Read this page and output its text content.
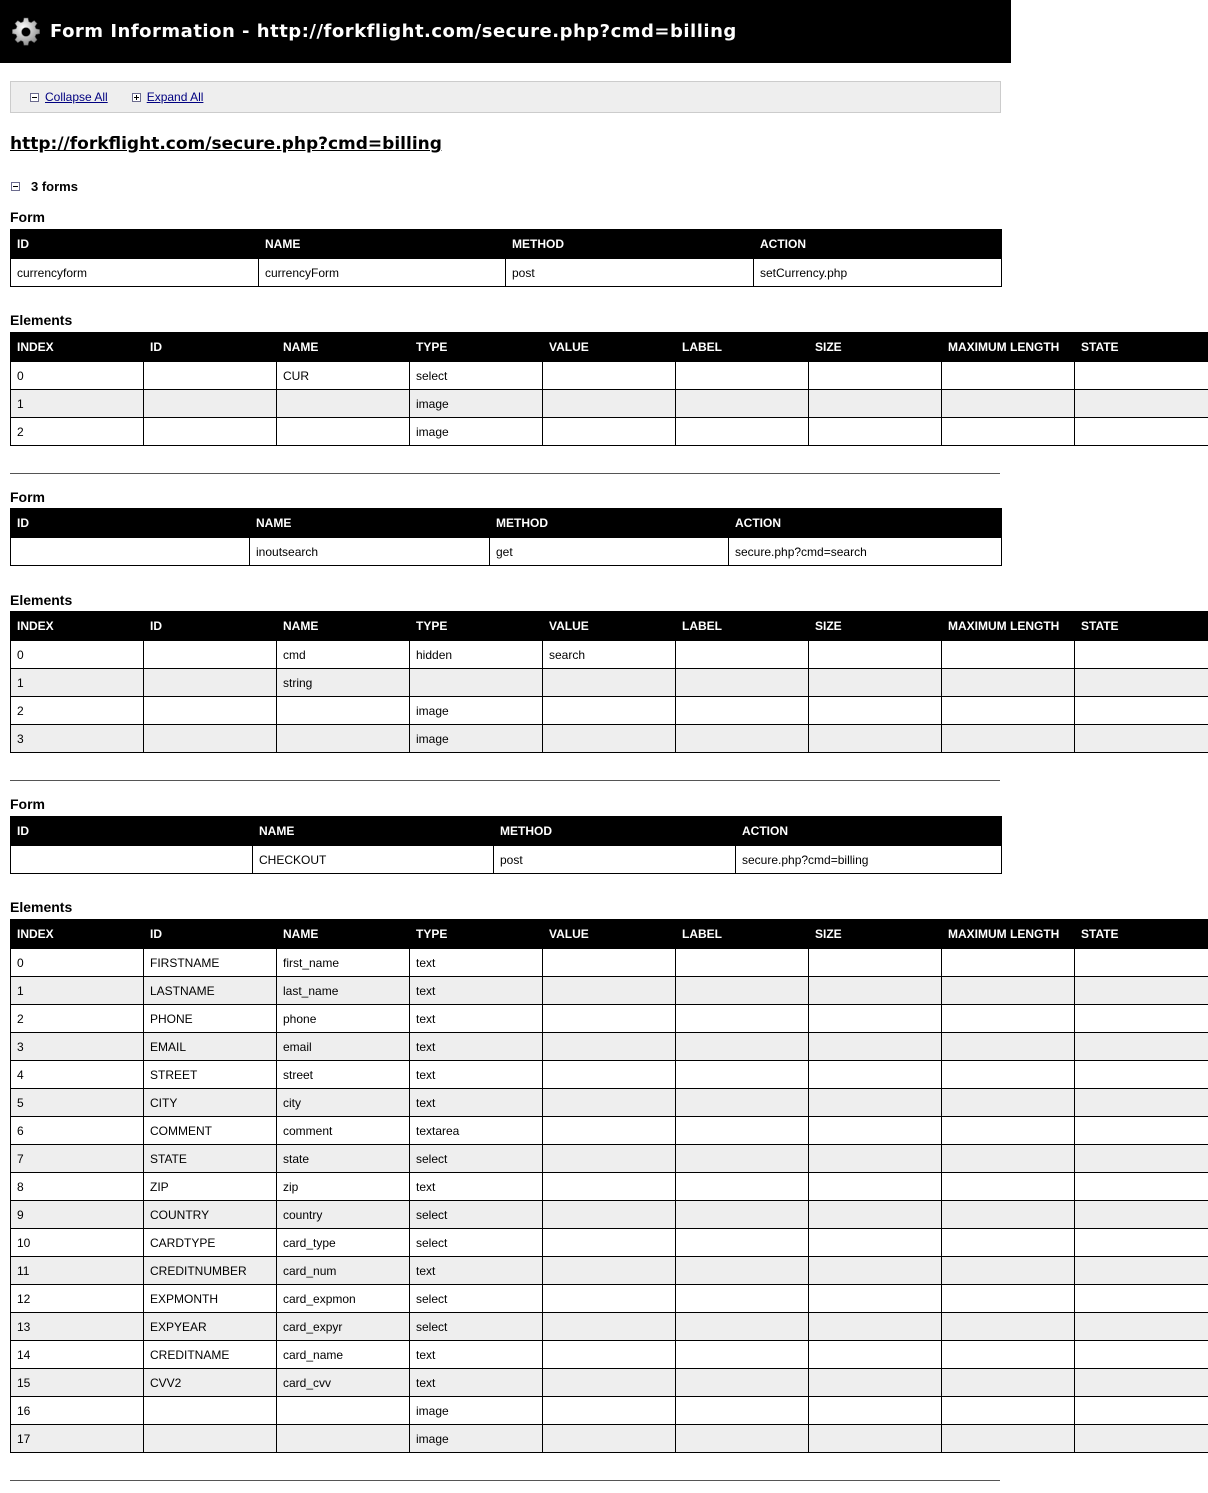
Form Information - http://forkflight.com/secure.php?cmd=billing
Collapse All	Expand All
http://forkflight.com/secure.php?cmd=billing
3 forms
Form
ID	NAME	METHOD	ACTION
currencyform	currencyForm	post	setCurrency.php
Elements
INDEX	ID	NAME	TYPE	VALUE	LABEL	SIZE	MAXIMUM LENGTH	STATE
0		CUR	select					
1			image					
2			image					
Form
ID	NAME	METHOD	ACTION
	inoutsearch	get	secure.php?cmd=search
Elements
INDEX	ID	NAME	TYPE	VALUE	LABEL	SIZE	MAXIMUM LENGTH	STATE
0		cmd	hidden	search				
1		string						
2			image					
3			image					
Form
ID	NAME	METHOD	ACTION
	CHECKOUT	post	secure.php?cmd=billing
Elements
INDEX	ID	NAME	TYPE	VALUE	LABEL	SIZE	MAXIMUM LENGTH	STATE
0	FIRSTNAME	first_name	text					
1	LASTNAME	last_name	text					
2	PHONE	phone	text					
3	EMAIL	email	text					
4	STREET	street	text					
5	CITY	city	text					
6	COMMENT	comment	textarea					
7	STATE	state	select					
8	ZIP	zip	text					
9	COUNTRY	country	select					
10	CARDTYPE	card_type	select					
11	CREDITNUMBER	card_num	text					
12	EXPMONTH	card_expmon	select					
13	EXPYEAR	card_expyr	select					
14	CREDITNAME	card_name	text					
15	CVV2	card_cvv	text					
16			image					
17			image					
